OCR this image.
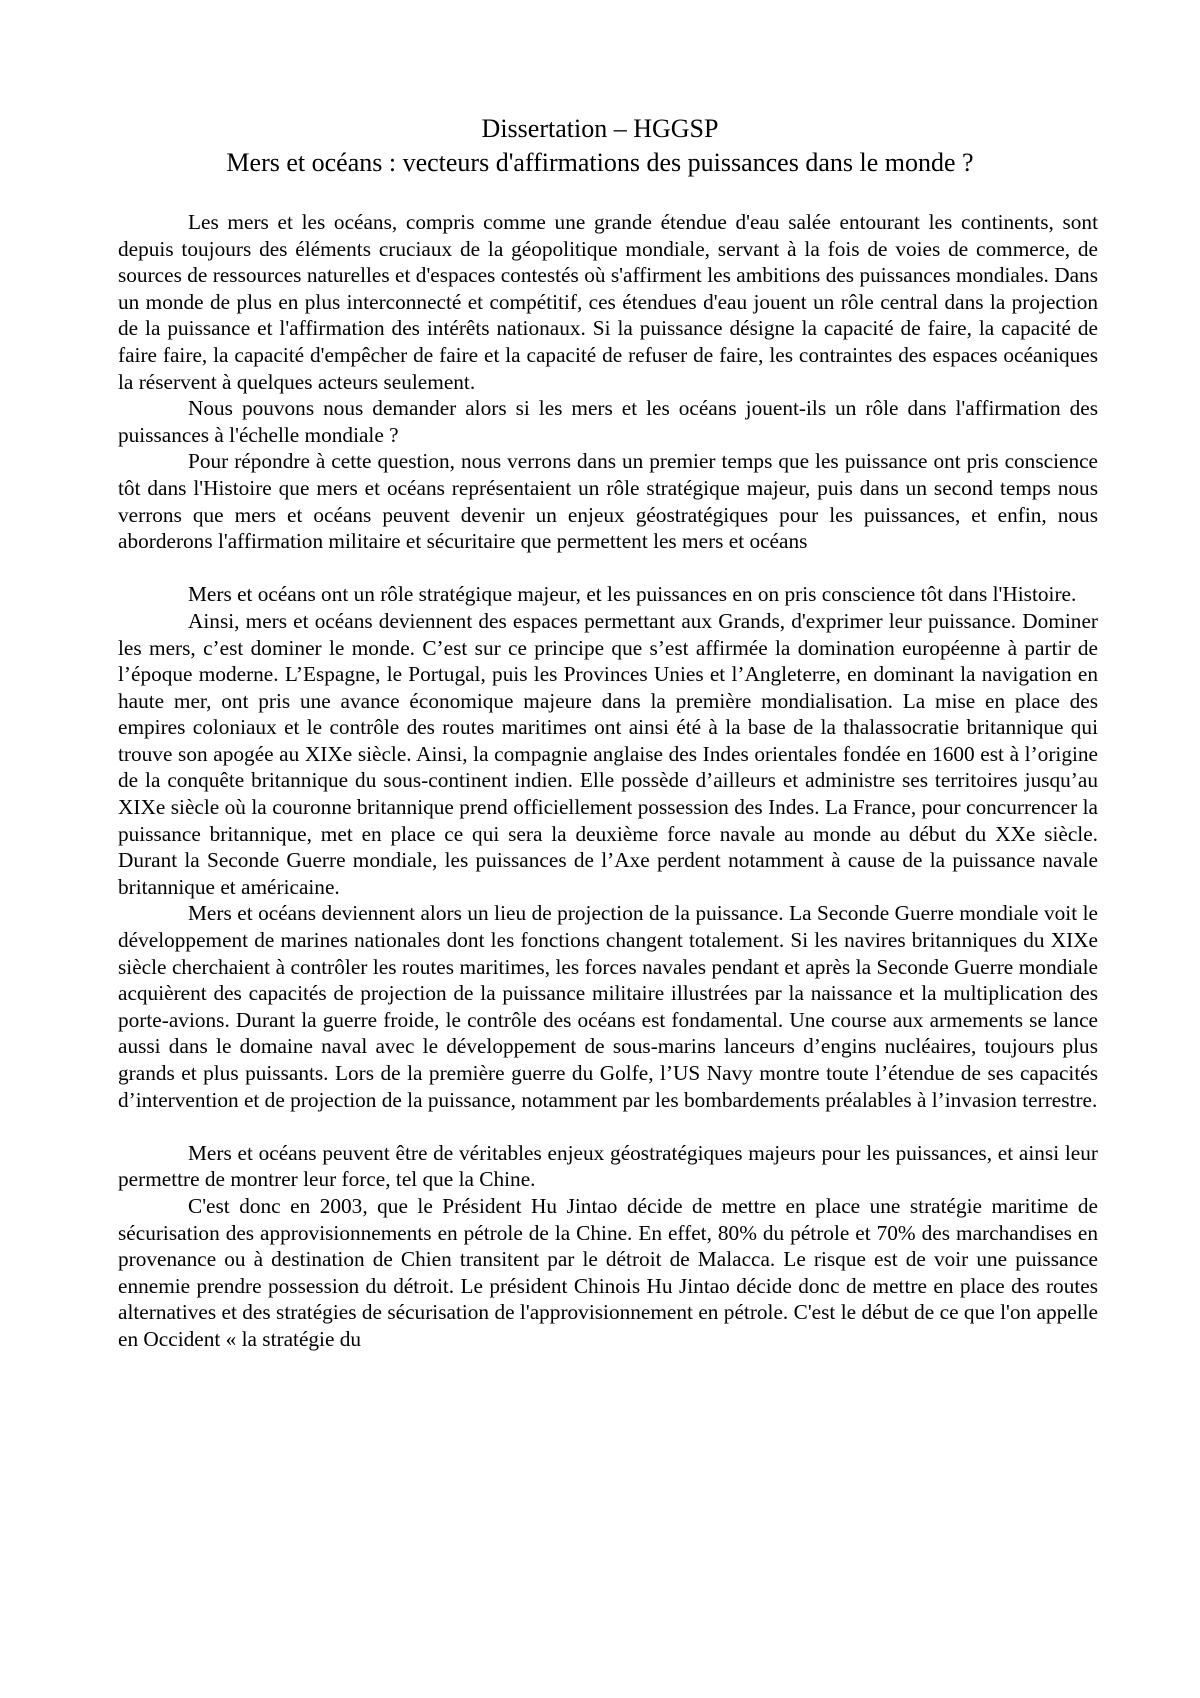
Dissertation – HGGSP
Mers et océans : vecteurs d'affirmations des puissances dans le monde ?

Les mers et les océans, compris comme une grande étendue d'eau salée entourant les continents, sont depuis toujours des éléments cruciaux de la géopolitique mondiale, servant à la fois de voies de commerce, de sources de ressources naturelles et d'espaces contestés où s'affirment les ambitions des puissances mondiales. Dans un monde de plus en plus interconnecté et compétitif, ces étendues d'eau jouent un rôle central dans la projection de la puissance et l'affirmation des intérêts nationaux. Si la puissance désigne la capacité de faire, la capacité de faire faire, la capacité d'empêcher de faire et la capacité de refuser de faire, les contraintes des espaces océaniques la réservent à quelques acteurs seulement.

Nous pouvons nous demander alors si les mers et les océans jouent-ils un rôle dans l'affirmation des puissances à l'échelle mondiale ?

Pour répondre à cette question, nous verrons dans un premier temps que les puissance ont pris conscience tôt dans l'Histoire que mers et océans représentaient un rôle stratégique majeur, puis dans un second temps nous verrons que mers et océans peuvent devenir un enjeux géostratégiques pour les puissances, et enfin, nous aborderons l'affirmation militaire et sécuritaire que permettent les mers et océans

Mers et océans ont un rôle stratégique majeur, et les puissances en on pris conscience tôt dans l'Histoire.

Ainsi, mers et océans deviennent des espaces permettant aux Grands, d'exprimer leur puissance. Dominer les mers, c’est dominer le monde. C’est sur ce principe que s’est affirmée la domination européenne à partir de l’époque moderne. L’Espagne, le Portugal, puis les Provinces Unies et l’Angleterre, en dominant la navigation en haute mer, ont pris une avance économique majeure dans la première mondialisation. La mise en place des empires coloniaux et le contrôle des routes maritimes ont ainsi été à la base de la thalassocratie britannique qui trouve son apogée au XIXe siècle. Ainsi, la compagnie anglaise des Indes orientales fondée en 1600 est à l’origine de la conquête britannique du sous-continent indien. Elle possède d’ailleurs et administre ses territoires jusqu’au XIXe siècle où la couronne britannique prend officiellement possession des Indes. La France, pour concurrencer la puissance britannique, met en place ce qui sera la deuxième force navale au monde au début du XXe siècle. Durant la Seconde Guerre mondiale, les puissances de l’Axe perdent notamment à cause de la puissance navale britannique et américaine.

Mers et océans deviennent alors un lieu de projection de la puissance. La Seconde Guerre mondiale voit le développement de marines nationales dont les fonctions changent totalement. Si les navires britanniques du XIXe siècle cherchaient à contrôler les routes maritimes, les forces navales pendant et après la Seconde Guerre mondiale acquièrent des capacités de projection de la puissance militaire illustrées par la naissance et la multiplication des porte-avions. Durant la guerre froide, le contrôle des océans est fondamental. Une course aux armements se lance aussi dans le domaine naval avec le développement de sous-marins lanceurs d’engins nucléaires, toujours plus grands et plus puissants. Lors de la première guerre du Golfe, l’US Navy montre toute l’étendue de ses capacités d’intervention et de projection de la puissance, notamment par les bombardements préalables à l’invasion terrestre.

Mers et océans peuvent être de véritables enjeux géostratégiques majeurs pour les puissances, et ainsi leur permettre de montrer leur force, tel que la Chine.

C'est donc en 2003, que le Président Hu Jintao décide de mettre en place une stratégie maritime de sécurisation des approvisionnements en pétrole de la Chine. En effet, 80% du pétrole et 70% des marchandises en provenance ou à destination de Chien transitent par le détroit de Malacca. Le risque est de voir une puissance ennemie prendre possession du détroit. Le président Chinois Hu Jintao décide donc de mettre en place des routes alternatives et des stratégies de sécurisation de l'approvisionnement en pétrole. C'est le début de ce que l'on appelle en Occident « la stratégie du
